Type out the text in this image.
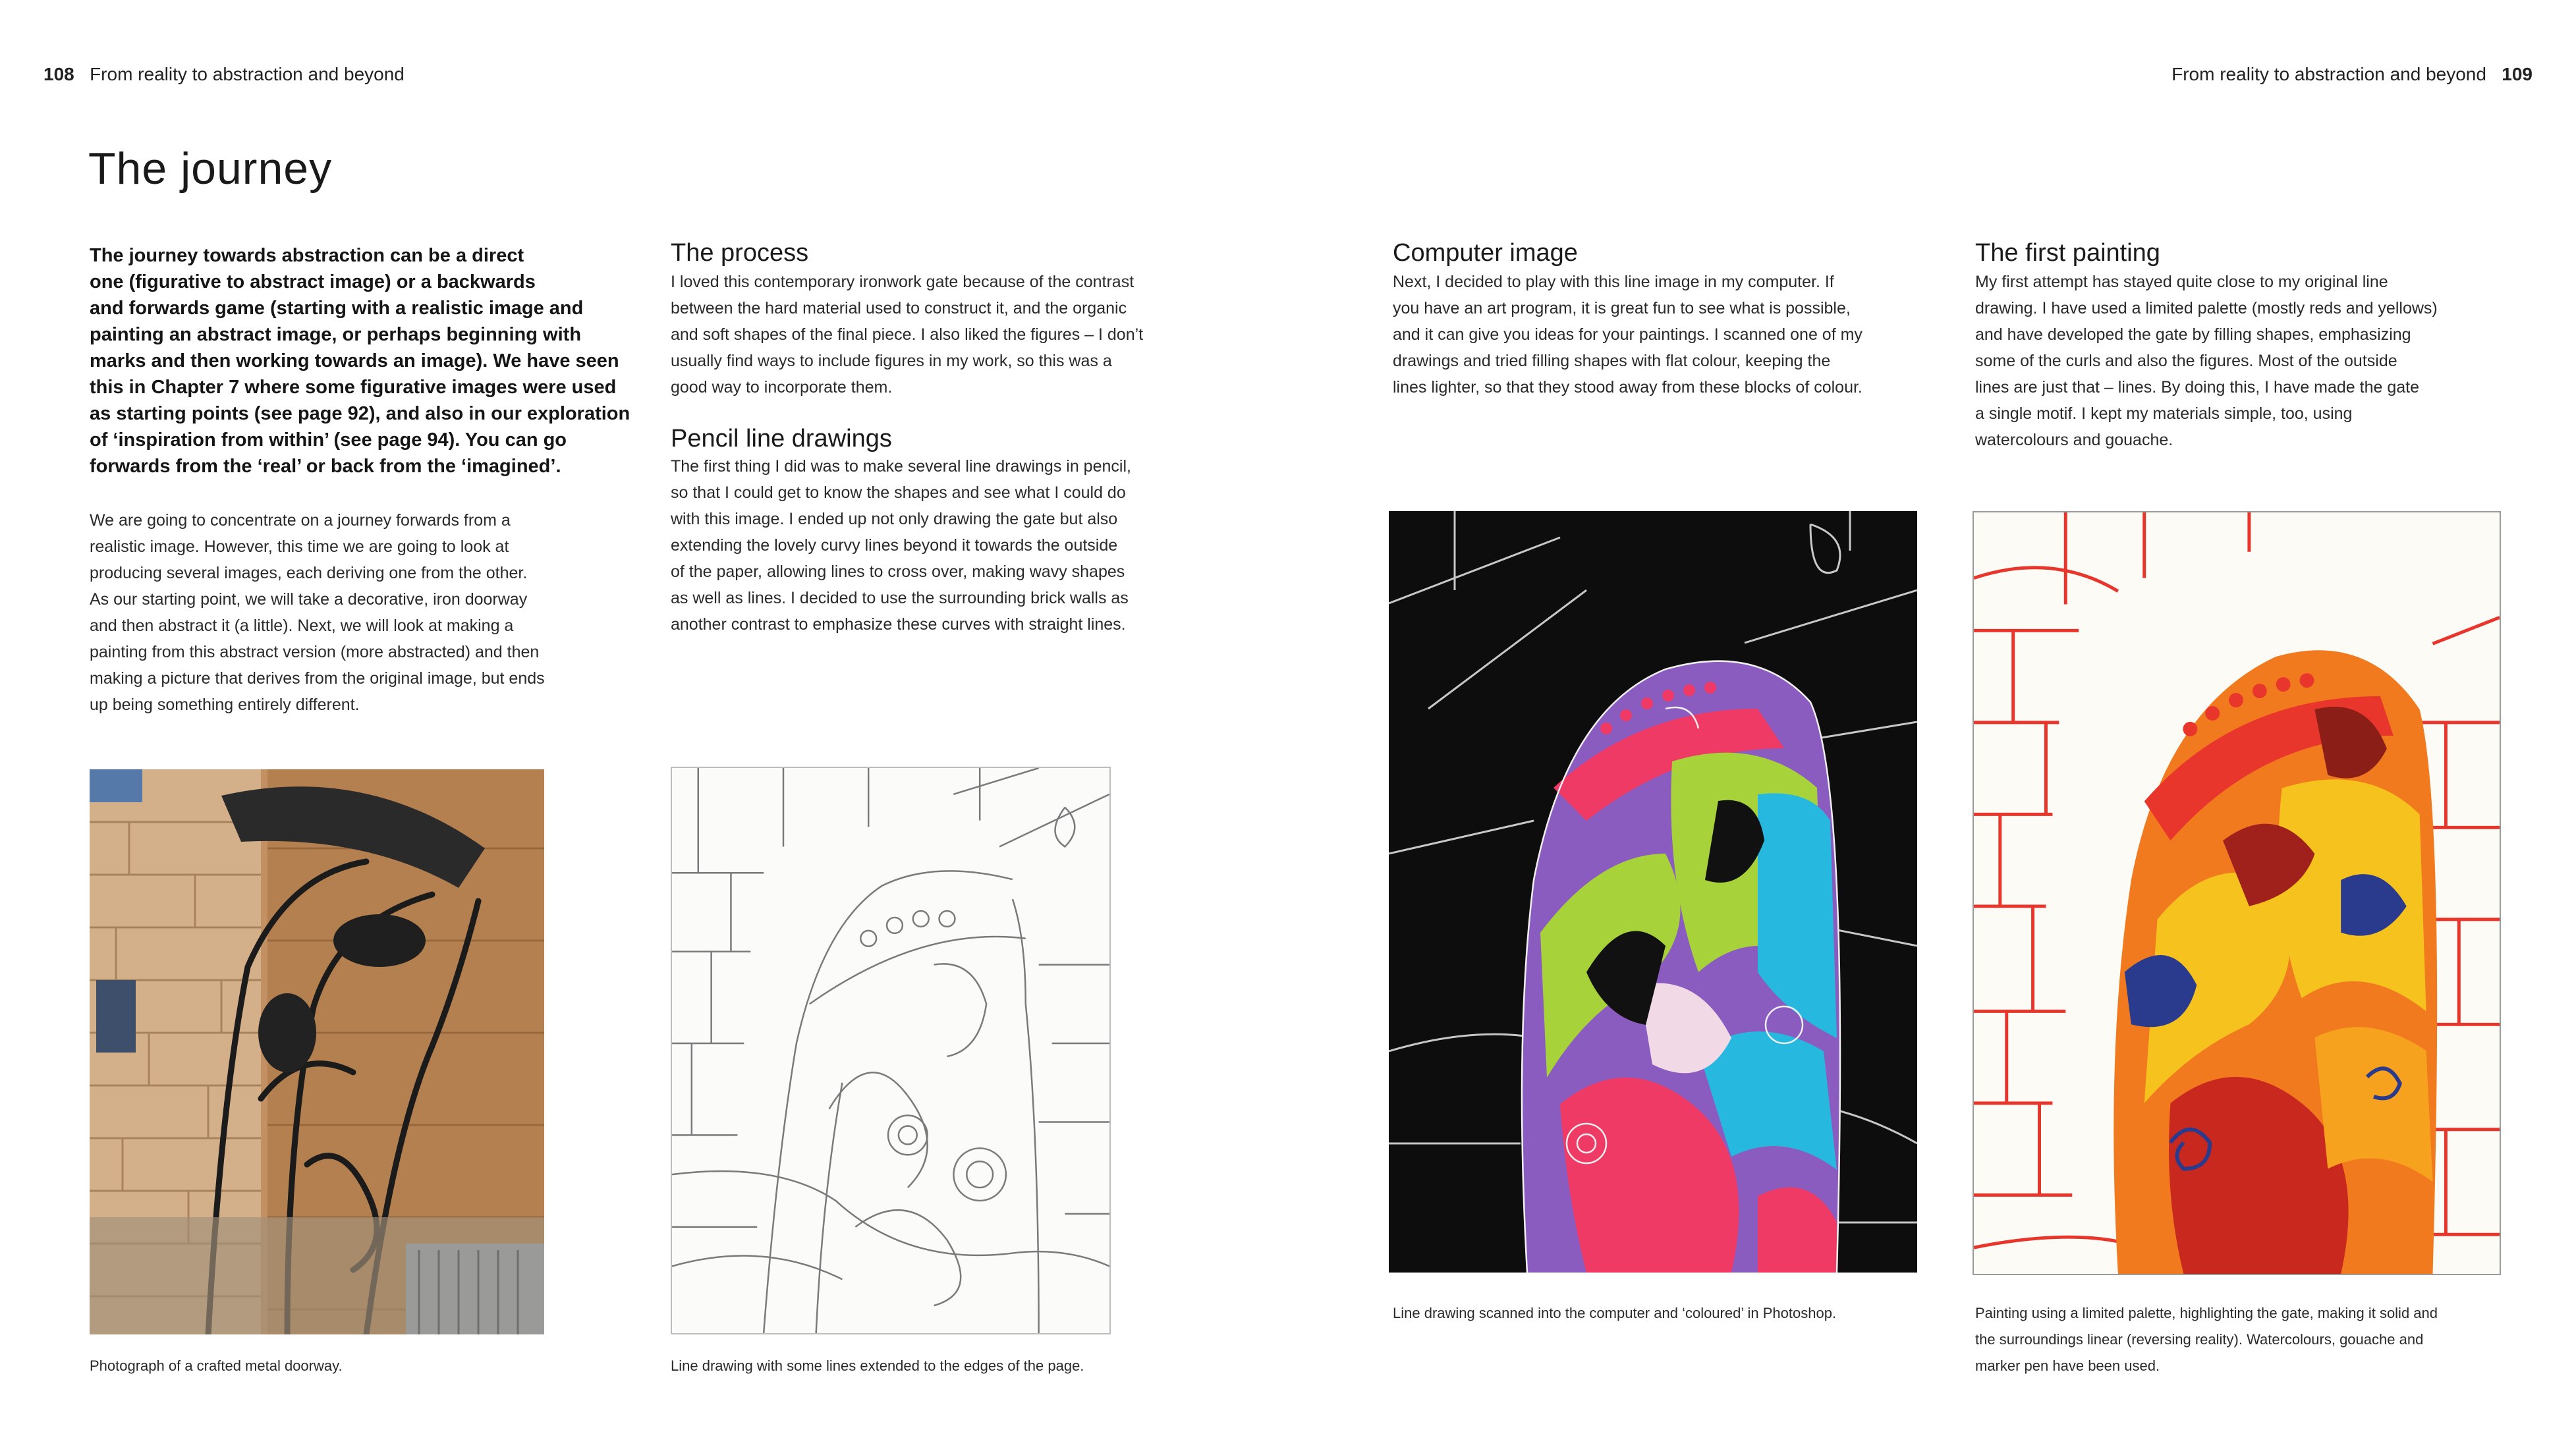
108 From reality to abstraction and beyond
The journey

The journey towards abstraction can be a direct
one (figurative to abstract image) or a backwards
and forwards game (starting with a realistic image and
painting an abstract image, or perhaps beginning with
marks and then working towards an image). We have seen
this in Chapter 7 where some figurative images were used
as starting points (see page 92), and also in our exploration
of ‘inspiration from within’ (see page 94). You can go
forwards from the ‘real’ or back from the ‘imagined’.

We are going to concentrate on a journey forwards from a
realistic image. However, this time we are going to look at
producing several images, each deriving one from the other.
As our starting point, we will take a decorative, iron doorway
and then abstract it (a little). Next, we will look at making a
painting from this abstract version (more abstracted) and then
making a picture that derives from the original image, but ends
up being something entirely different.

The process

I loved this contemporary ironwork gate because of the contrast
between the hard material used to construct it, and the organic
and soft shapes of the final piece. I also liked the figures – I don’t
usually find ways to include figures in my work, so this was a
good way to incorporate them.

Pencil line drawings

The first thing I did was to make several line drawings in pencil,
so that I could get to know the shapes and see what I could do
with this image. I ended up not only drawing the gate but also
extending the lovely curvy lines beyond it towards the outside
of the paper, allowing lines to cross over, making wavy shapes
as well as lines. I decided to use the surrounding brick walls as
another contrast to emphasize these curves with straight lines.

Photograph of a crafted metal doorway.	Line drawing with some lines extended to the edges of the page.
From reality to abstraction and beyond 109
Computer image

Next, I decided to play with this line image in my computer. If
you have an art program, it is great fun to see what is possible,
and it can give you ideas for your paintings. I scanned one of my
drawings and tried filling shapes with flat colour, keeping the
lines lighter, so that they stood away from these blocks of colour.

The first painting

My first attempt has stayed quite close to my original line
drawing. I have used a limited palette (mostly reds and yellows)
and have developed the gate by filling shapes, emphasizing
some of the curls and also the figures. Most of the outside
lines are just that – lines. By doing this, I have made the gate
a single motif. I kept my materials simple, too, using
watercolours and gouache.

Line drawing scanned into the computer and ‘coloured’ in Photoshop.	Painting using a limited palette, highlighting the gate, making it solid and
the surroundings linear (reversing reality). Watercolours, gouache and
marker pen have been used.
